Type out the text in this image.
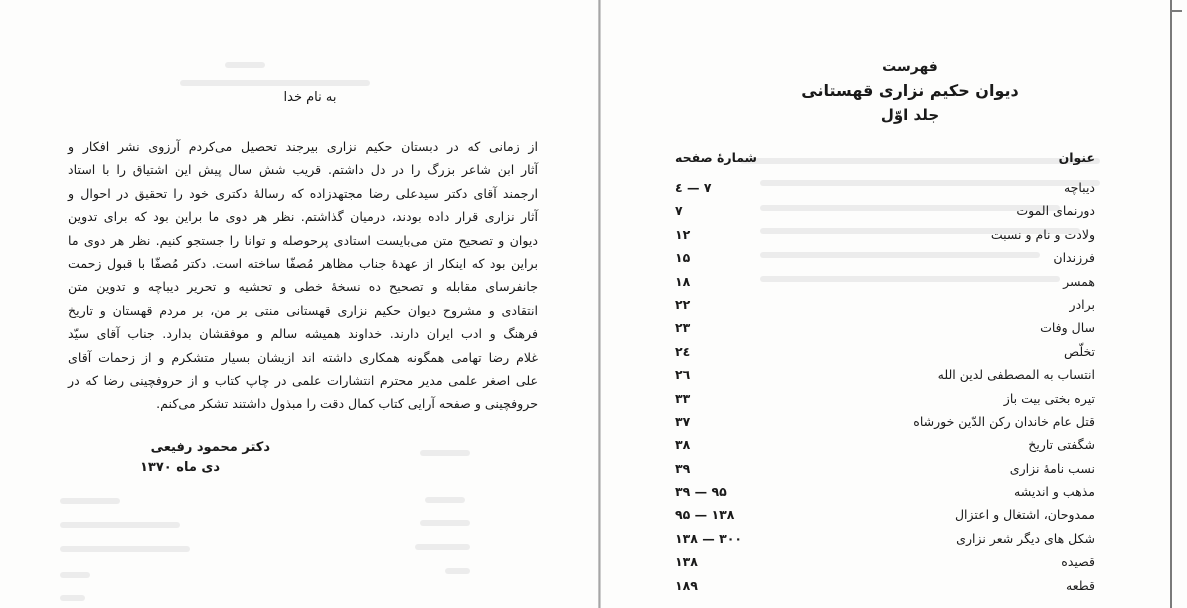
به نام خدا
از زمانی که در دبستان حکیم نزاری بیرجند تحصیل می‌کردم آرزوی نشر افکار و
آثار ابن شاعر بزرگ را در دل داشتم. قریب شش سال پیش این اشتیاق را با استاد
ارجمند آقای دکتر سیدعلی رضا مجتهدزاده که رسالهٔ دکتری خود را تحقیق در احوال و
آثار نزاری قرار داده بودند، درمیان گذاشتم. نظر هر دوی ما براین بود که برای تدوین
دیوان و تصحیح متن می‌بایست استادی پرحوصله و توانا را جستجو کنیم. نظر هر دوی ما
براین بود که اینکار از عهدهٔ جناب مظاهر مُصفّا ساخته است. دکتر مُصفّا با قبول زحمت
جانفرسای مقابله و تصحیح ده نسخهٔ خطی و تحشیه و تحریر دیباچه و تدوین متن
انتقادی و مشروح دیوان حکیم نزاری قهستانی منتی بر من، بر مردم قهستان و تاریخ
فرهنگ و ادب ایران دارند. خداوند همیشه سالم و موفقشان بدارد. جناب آقای سیّد
غلام رضا تهامی همگونه همکاری داشته اند ازیشان بسیار متشکرم و از زحمات آقای
علی اصغر علمی مدیر محترم انتشارات علمی در چاپ کتاب و از حروفچینی رضا که در
حروفچینی و صفحه آرایی کتاب کمال دقت را مبذول داشتند تشکر می‌کنم.
دکتر محمود رفیعی
دی ماه ۱۳۷۰
فهرست
دیوان حکیم نزاری قهستانی
جلد اوّل
عنوان
شمارهٔ صفحه
دیباچه
۷ — ٤
دورنمای الموت
۷
ولادت و نام و نسبت
۱۲
فرزندان
۱۵
همسر
۱۸
برادر
۲۲
سال وفات
۲۳
تخلّص
۲٤
انتساب به المصطفی لدین الله
۲٦
تیره بختی بیت باز
۳۳
قتل عام خاندان رکن الدّین خورشاه
۳۷
شگفتی تاریخ
۳۸
نسب نامهٔ نزاری
۳۹
مذهب و اندیشه
۹۵ — ۳۹
ممدوحان، اشتغال و اعتزال
۱۳۸ — ۹۵
شکل های دیگر شعر نزاری
۳۰۰ — ۱۳۸
قصیده
۱۳۸
قطعه
۱۸۹
